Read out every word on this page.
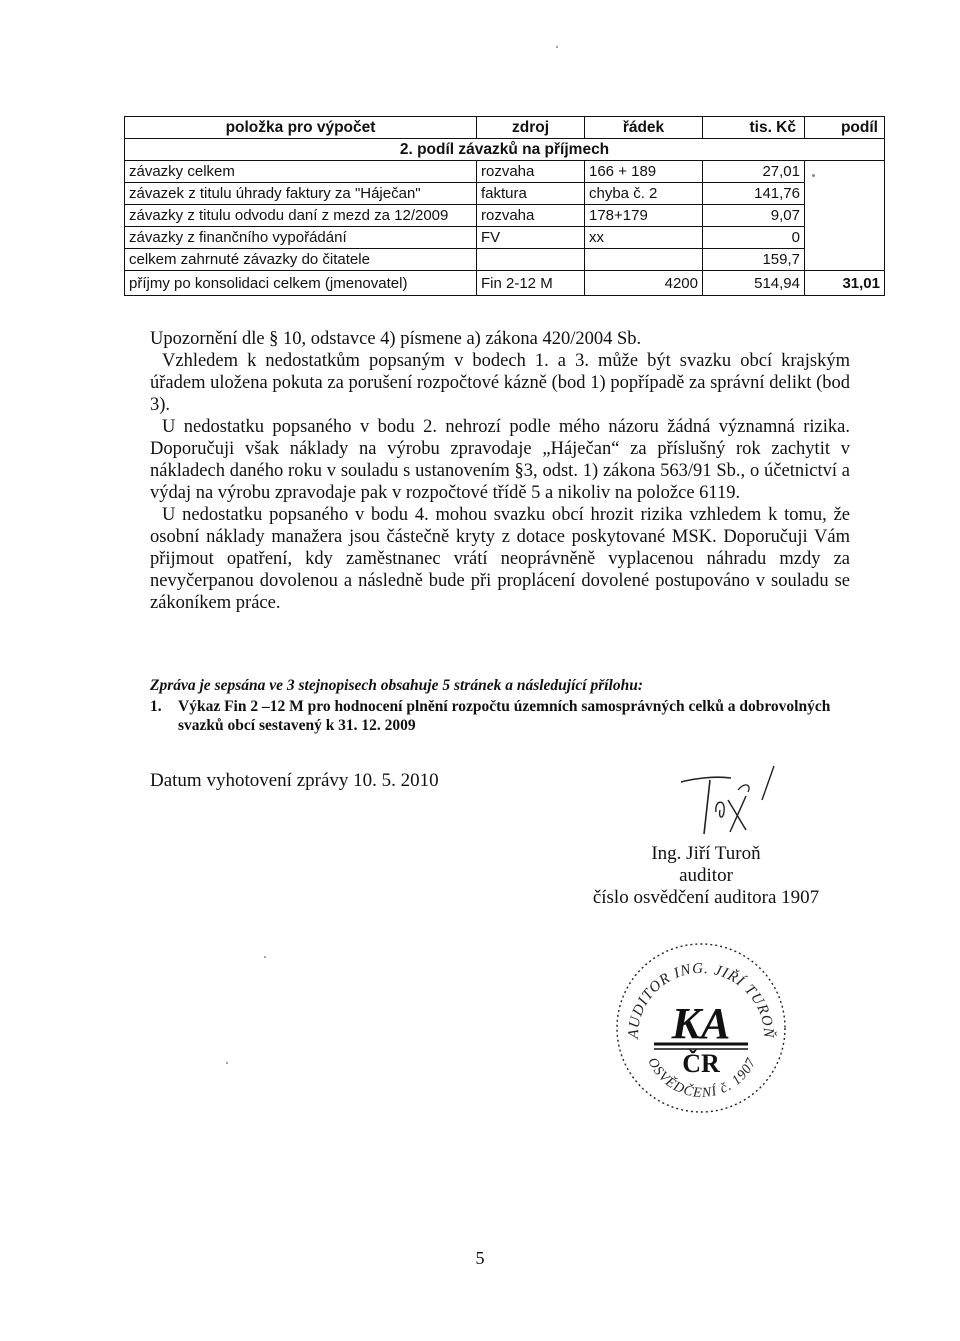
položka pro výpočet	zdroj	řádek	tis. Kč	podíl
2. podíl závazků na příjmech				
závazky celkem	rozvaha	166 + 189	27,01	
závazek z titulu úhrady faktury za "Háječan"	faktura	chyba č. 2	141,76	
závazky z titulu odvodu daní z mezd za 12/2009	rozvaha	178+179	9,07	
závazky z finančního vypořádání	FV	xx	0	
celkem zahrnuté závazky do čitatele			159,7	
příjmy po konsolidaci celkem (jmenovatel)	Fin 2-12 M	4200	514,94	31,01

Upozornění dle § 10, odstavce 4) písmene a) zákona 420/2004 Sb.

Vzhledem k nedostatkům popsaným v bodech 1. a 3. může být svazku obcí krajským úřadem uložena pokuta za porušení rozpočtové kázně (bod 1) popřípadě za správní delikt (bod 3).

U nedostatku popsaného v bodu 2. nehrozí podle mého názoru žádná významná rizika. Doporučuji však náklady na výrobu zpravodaje „Háječan“ za příslušný rok zachytit v nákladech daného roku v souladu s ustanovením §3, odst. 1) zákona 563/91 Sb., o účetnictví a výdaj na výrobu zpravodaje pak v rozpočtové třídě 5 a nikoliv na položce 6119.

U nedostatku popsaného v bodu 4. mohou svazku obcí hrozit rizika vzhledem k tomu, že osobní náklady manažera jsou částečně kryty z dotace poskytované MSK. Doporučuji Vám přijmout opatření, kdy zaměstnanec vrátí neoprávněně vyplacenou náhradu mzdy za nevyčerpanou dovolenou a následně bude při proplácení dovolené postupováno v souladu se zákoníkem práce.

Zpráva je sepsána ve 3 stejnopisech obsahuje 5 stránek a následující přílohu:
1.	Výkaz Fin 2 –12 M pro hodnocení plnění rozpočtu územních samosprávných celků a dobrovolných svazků obcí sestavený k 31. 12. 2009
Datum vyhotovení zprávy 10. 5. 2010
Ing. Jiří Turoň
auditor
číslo osvědčení auditora 1907
AUDITOR ING. JIŘÍ TUROŇ
OSVĚDČENÍ č. 1907
KA
ČR
5
